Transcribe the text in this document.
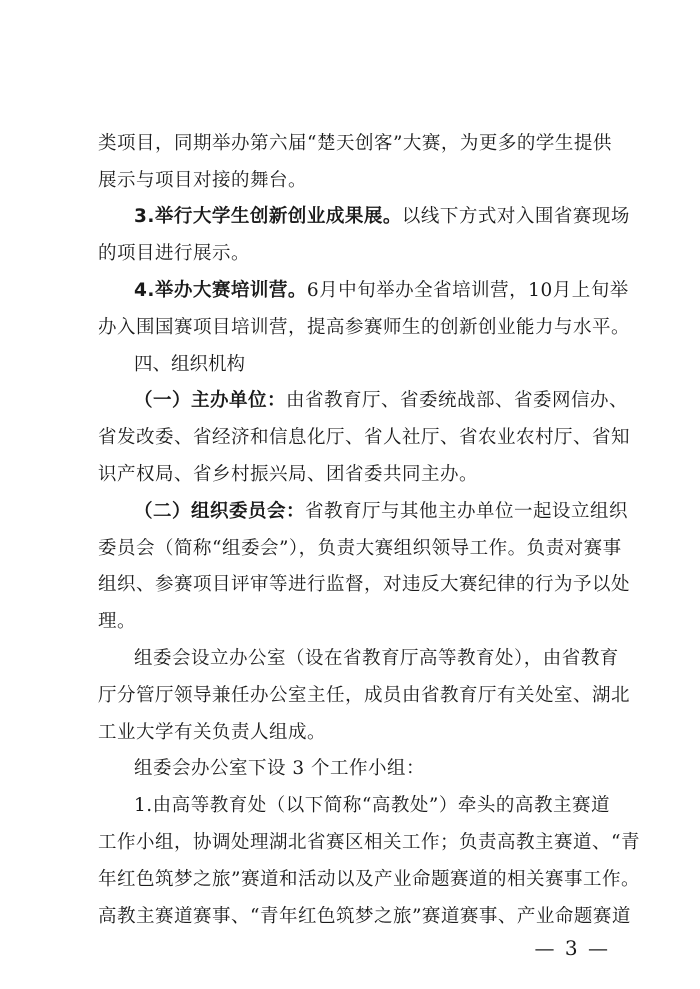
类项目，同期举办第六届“楚天创客”大赛，为更多的学生提供
展示与项目对接的舞台。
3.举行大学生创新创业成果展。以线下方式对入围省赛现场
的项目进行展示。
4.举办大赛培训营。6月中旬举办全省培训营，10月上旬举
办入围国赛项目培训营，提高参赛师生的创新创业能力与水平。
四、组织机构
（一）主办单位：由省教育厅、省委统战部、省委网信办、
省发改委、省经济和信息化厅、省人社厅、省农业农村厅、省知
识产权局、省乡村振兴局、团省委共同主办。
（二）组织委员会：省教育厅与其他主办单位一起设立组织
委员会（简称“组委会”），负责大赛组织领导工作。负责对赛事
组织、参赛项目评审等进行监督，对违反大赛纪律的行为予以处
理。
组委会设立办公室（设在省教育厅高等教育处），由省教育
厅分管厅领导兼任办公室主任，成员由省教育厅有关处室、湖北
工业大学有关负责人组成。
组委会办公室下设 3 个工作小组：
1.由高等教育处（以下简称“高教处”）牵头的高教主赛道
工作小组，协调处理湖北省赛区相关工作；负责高教主赛道、“青
年红色筑梦之旅”赛道和活动以及产业命题赛道的相关赛事工作。
高教主赛道赛事、“青年红色筑梦之旅”赛道赛事、产业命题赛道
— 3 —
